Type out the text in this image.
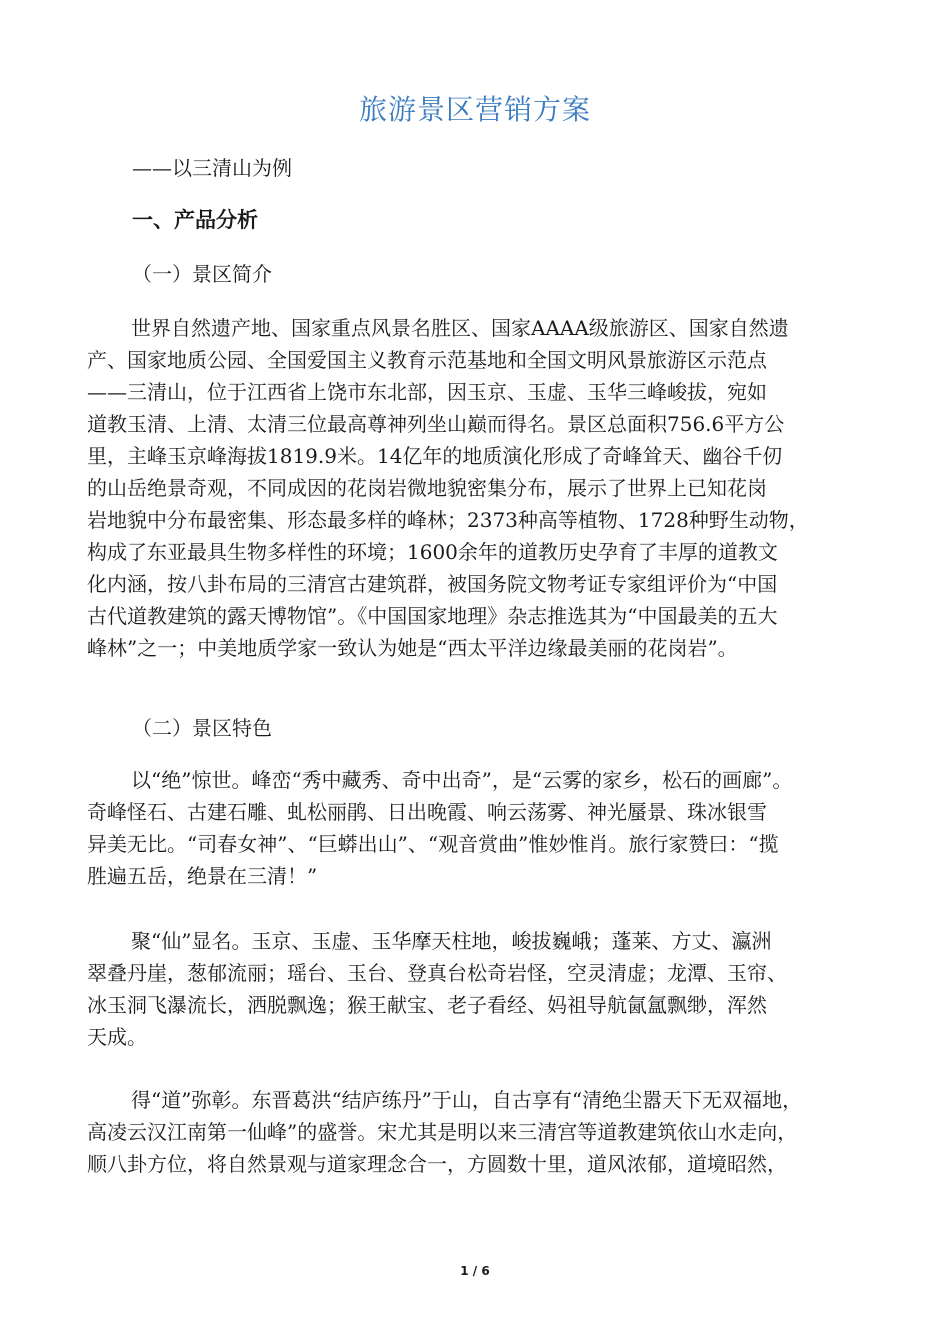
旅游景区营销方案
——以三清山为例
一、产品分析
（一）景区简介
世界自然遗产地、国家重点风景名胜区、国家AAAA级旅游区、国家自然遗
产、国家地质公园、全国爱国主义教育示范基地和全国文明风景旅游区示范点
——三清山，位于江西省上饶市东北部，因玉京、玉虚、玉华三峰峻拔，宛如
道教玉清、上清、太清三位最高尊神列坐山巅而得名。景区总面积756.6平方公
里，主峰玉京峰海拔1819.9米。14亿年的地质演化形成了奇峰耸天、幽谷千仞
的山岳绝景奇观，不同成因的花岗岩微地貌密集分布，展示了世界上已知花岗
岩地貌中分布最密集、形态最多样的峰林；2373种高等植物、1728种野生动物，
构成了东亚最具生物多样性的环境；1600余年的道教历史孕育了丰厚的道教文
化内涵，按八卦布局的三清宫古建筑群，被国务院文物考证专家组评价为“中国
古代道教建筑的露天博物馆”。《中国国家地理》杂志推选其为“中国最美的五大
峰林”之一；中美地质学家一致认为她是“西太平洋边缘最美丽的花岗岩”。
（二）景区特色
以“绝”惊世。峰峦“秀中藏秀、奇中出奇”，是“云雾的家乡，松石的画廊”。
奇峰怪石、古建石雕、虬松丽鹃、日出晚霞、响云荡雾、神光蜃景、珠冰银雪
异美无比。“司春女神”、“巨蟒出山”、“观音赏曲”惟妙惟肖。旅行家赞曰：“揽
胜遍五岳，绝景在三清！”
聚“仙”显名。玉京、玉虚、玉华摩天柱地，峻拔巍峨；蓬莱、方丈、瀛洲
翠叠丹崖，葱郁流丽；瑶台、玉台、登真台松奇岩怪，空灵清虚；龙潭、玉帘、
冰玉洞飞瀑流长，洒脱飘逸；猴王献宝、老子看经、妈祖导航氤氲飘缈，浑然
天成。
得“道”弥彰。东晋葛洪“结庐练丹”于山，自古享有“清绝尘嚣天下无双福地，
高凌云汉江南第一仙峰”的盛誉。宋尤其是明以来三清宫等道教建筑依山水走向，
顺八卦方位，将自然景观与道家理念合一，方圆数十里，道风浓郁，道境昭然，
1 / 6
